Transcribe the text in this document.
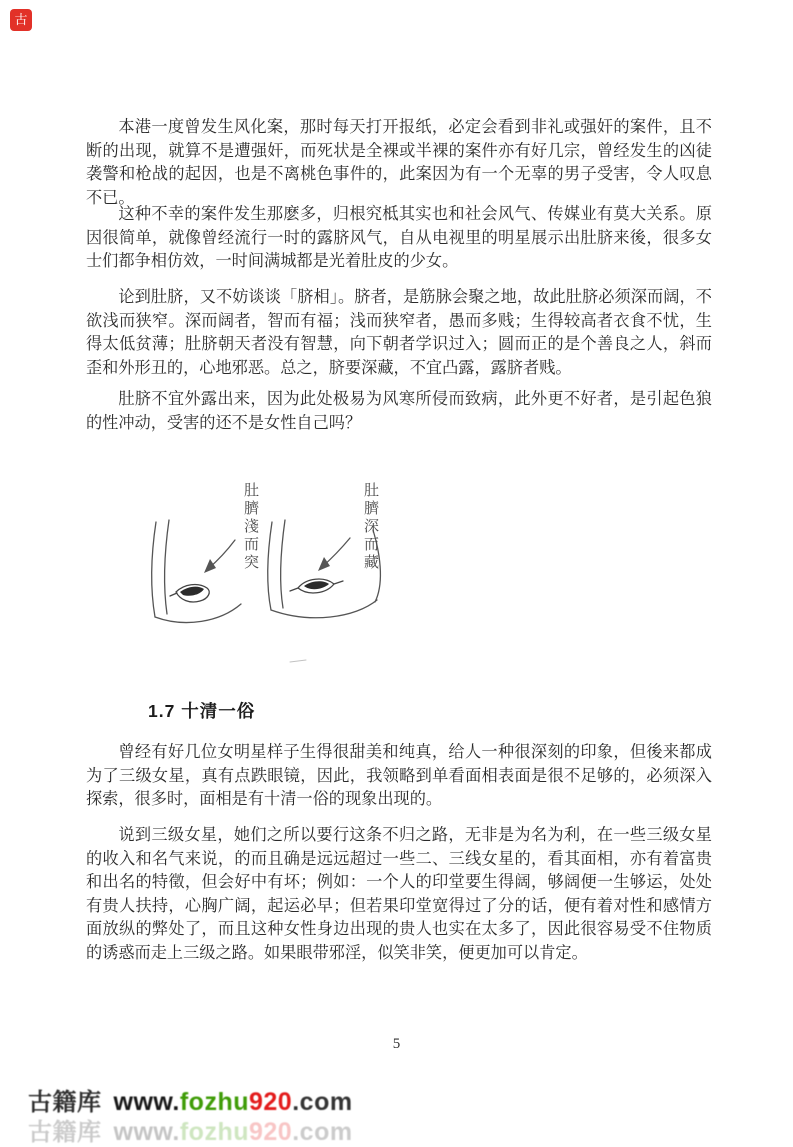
古

本港一度曾发生风化案，那时每天打开报纸，必定会看到非礼或强奸的案件，且不断的出现，就算不是遭强奸，而死状是全裸或半裸的案件亦有好几宗，曾经发生的凶徒袭警和枪战的起因，也是不离桃色事件的，此案因为有一个无辜的男子受害，令人叹息不已。

这种不幸的案件发生那麽多，归根究柢其实也和社会风气、传媒业有莫大关系。原因很简单，就像曾经流行一时的露脐风气，自从电视里的明星展示出肚脐来後，很多女士们都争相仿效，一时间满城都是光着肚皮的少女。

论到肚脐，又不妨谈谈「脐相」。脐者，是筋脉会聚之地，故此肚脐必须深而阔，不欲浅而狭窄。深而阔者，智而有福；浅而狭窄者，愚而多贱；生得较高者衣食不忧，生得太低贫薄；肚脐朝天者没有智慧，向下朝者学识过入；圆而正的是个善良之人，斜而歪和外形丑的，心地邪恶。总之，脐要深藏，不宜凸露，露脐者贱。

肚脐不宜外露出来，因为此处极易为风寒所侵而致病，此外更不好者，是引起色狼的性冲动，受害的还不是女性自己吗？

肚臍淺而突	肚臍深而藏
1.7 十清一俗

曾经有好几位女明星样子生得很甜美和纯真，给人一种很深刻的印象，但後来都成为了三级女星，真有点跌眼镜，因此，我领略到单看面相表面是很不足够的，必须深入探索，很多时，面相是有十清一俗的现象出现的。

说到三级女星，她们之所以要行这条不归之路，无非是为名为利，在一些三级女星的收入和名气来说，的而且确是远远超过一些二、三线女星的，看其面相，亦有着富贵和出名的特徵，但会好中有坏；例如：一个人的印堂要生得阔，够阔便一生够运，处处有贵人扶持，心胸广阔，起运必早；但若果印堂宽得过了分的话，便有着对性和感情方面放纵的弊处了，而且这种女性身边出现的贵人也实在太多了，因此很容易受不住物质的诱惑而走上三级之路。如果眼带邪淫，似笑非笑，便更加可以肯定。

5
古籍库 www.fozhu920.com
古籍库 www.fozhu920.com
